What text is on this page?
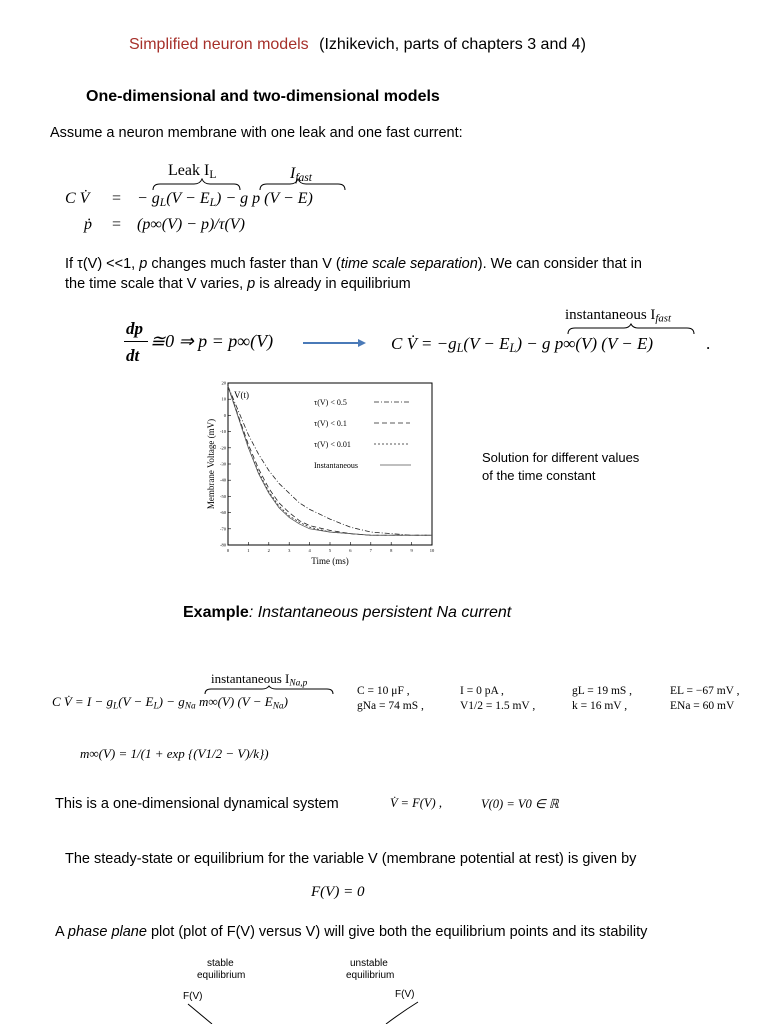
Simplified neuron models (Izhikevich, parts of chapters 3 and 4)
One-dimensional and two-dimensional models
Assume a neuron membrane with one leak and one fast current:
Leak $I_L$	$I_{fast}$
C V̇ = − $g_L(V - E_L) - g$ p (V − E)
ṗ = (p∞(V) − p)/τ(V)
If τ(V) <<1, p changes much faster than V (time scale separation). We can consider that in
the time scale that V varies, p is already in equilibrium
dp
dt
≅0 ⇒ p = p∞(V)
instantaneous $I_{fast}$
C V̇ = $-g_L(V - E_L) - g$ p∞(V) (V − E)	.
0	1	2	3	4	5	6	7	8	9	10
20
10
0
-10
-20
-30
-40
-50
-60
-70
-80
V(t)
τ(V) < 0.5
τ(V) < 0.1
τ(V) < 0.01
Instantaneous
Time (ms)
Membrane Voltage (mV)	Solution for different values
of the time constant
Example: Instantaneous persistent Na current
instantaneous $I_{Na,p}$
C V̇ = $I - g_L(V - E_L) - g_{Na}$ m∞(V) $(V - E_{Na})$
C = 10 μF ,	I = 0 pA ,	gL = 19 mS ,	EL = −67 mV ,
gNa = 74 mS ,	V1/2 = 1.5 mV ,	k = 16 mV ,	ENa = 60 mV
m∞(V) = 1/(1 + exp {(V1/2 − V)/k})
This is a one-dimensional dynamical system	V̇ = F(V) ,	V(0) = V0 ∈ ℝ
The steady-state or equilibrium for the variable V (membrane potential at rest) is given by
F(V) = 0
A phase plane plot (plot of F(V) versus V) will give both the equilibrium points and its stability
stable
equilibrium
unstable
equilibrium
F(V)	F(V)
